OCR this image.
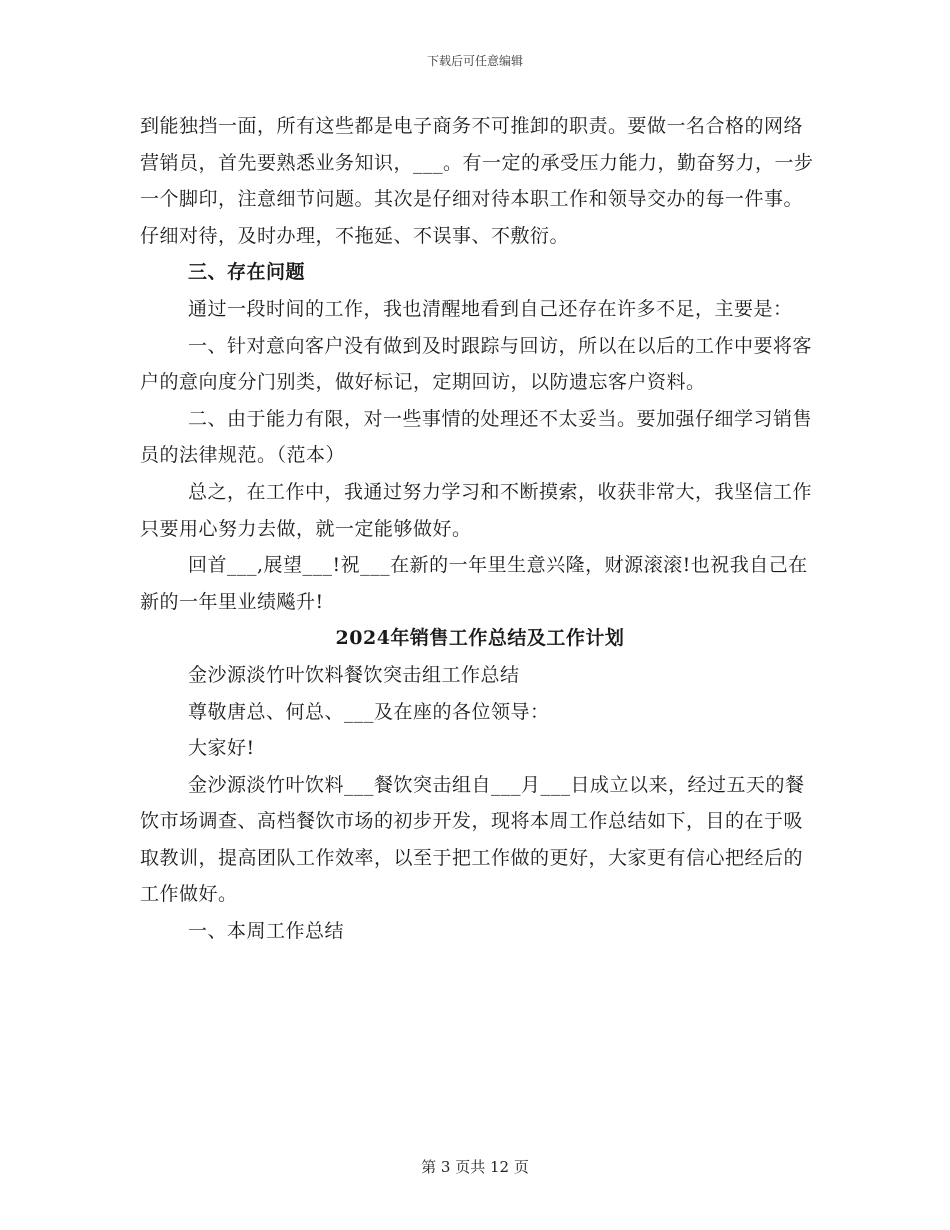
下载后可任意编辑

到能独挡一面，所有这些都是电子商务不可推卸的职责。要做一名合格的网络营销员，首先要熟悉业务知识，___。有一定的承受压力能力，勤奋努力，一步一个脚印，注意细节问题。其次是仔细对待本职工作和领导交办的每一件事。仔细对待，及时办理，不拖延、不误事、不敷衍。

三、存在问题

通过一段时间的工作，我也清醒地看到自己还存在许多不足，主要是：

一、针对意向客户没有做到及时跟踪与回访，所以在以后的工作中要将客户的意向度分门别类，做好标记，定期回访，以防遗忘客户资料。

二、由于能力有限，对一些事情的处理还不太妥当。要加强仔细学习销售员的法律规范。（范本）

总之，在工作中，我通过努力学习和不断摸索，收获非常大，我坚信工作只要用心努力去做，就一定能够做好。

回首___,展望___!祝___在新的一年里生意兴隆，财源滚滚!也祝我自己在新的一年里业绩飚升!

2024年销售工作总结及工作计划

金沙源淡竹叶饮料餐饮突击组工作总结

尊敬唐总、何总、___及在座的各位领导：

大家好!

金沙源淡竹叶饮料___餐饮突击组自___月___日成立以来，经过五天的餐饮市场调查、高档餐饮市场的初步开发，现将本周工作总结如下，目的在于吸取教训，提高团队工作效率，以至于把工作做的更好，大家更有信心把经后的工作做好。

一、本周工作总结

第 3 页共 12 页
